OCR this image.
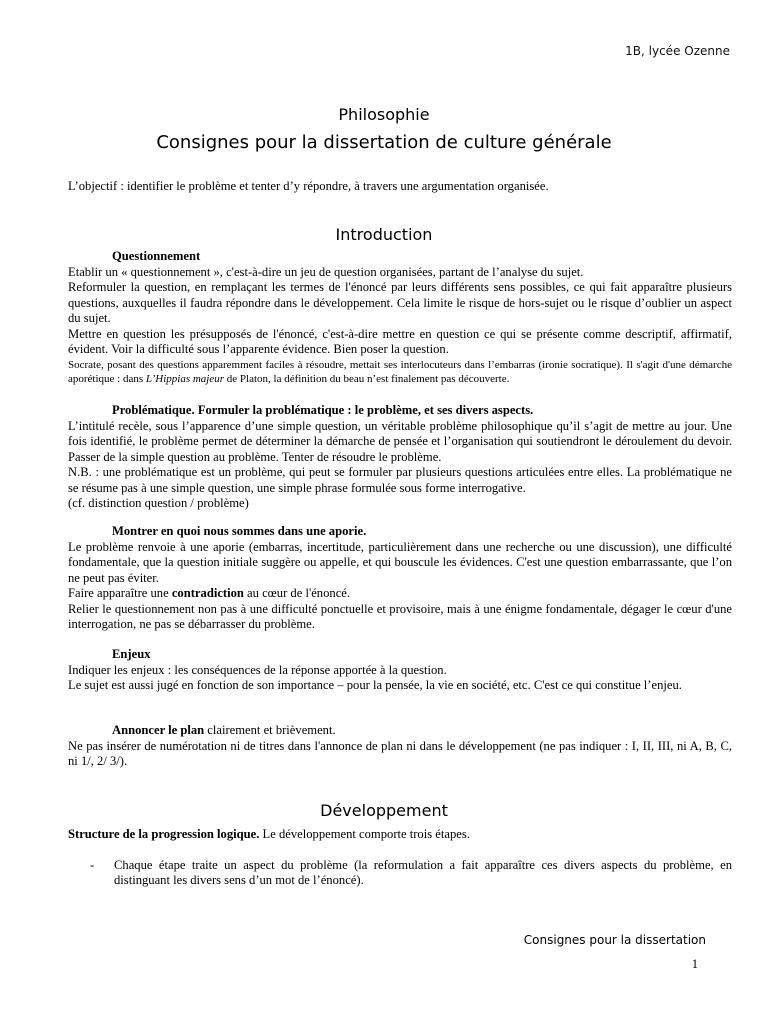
1B, lycée Ozenne
Philosophie
Consignes pour la dissertation de culture générale
L’objectif : identifier le problème et tenter d’y répondre, à travers une argumentation organisée.
Introduction

Questionnement

Etablir un « questionnement », c'est-à-dire un jeu de question organisées, partant de l’analyse du sujet.

Reformuler la question, en remplaçant les termes de l'énoncé par leurs différents sens possibles, ce qui fait apparaître plusieurs questions, auxquelles il faudra répondre dans le développement. Cela limite le risque de hors-sujet ou le risque d’oublier un aspect du sujet.

Mettre en question les présupposés de l'énoncé, c'est-à-dire mettre en question ce qui se présente comme descriptif, affirmatif, évident. Voir la difficulté sous l’apparente évidence. Bien poser la question.

Socrate, posant des questions apparemment faciles à résoudre, mettait ses interlocuteurs dans l’embarras (ironie socratique). Il s'agit d'une démarche aporétique : dans L’Hippias majeur de Platon, la définition du beau n’est finalement pas découverte.

Problématique. Formuler la problématique : le problème, et ses divers aspects.

L’intitulé recèle, sous l’apparence d’une simple question, un véritable problème philosophique qu’il s’agit de mettre au jour. Une fois identifié, le problème permet de déterminer la démarche de pensée et l’organisation qui soutiendront le déroulement du devoir. Passer de la simple question au problème. Tenter de résoudre le problème.

N.B. : une problématique est un problème, qui peut se formuler par plusieurs questions articulées entre elles. La problématique ne se résume pas à une simple question, une simple phrase formulée sous forme interrogative.

(cf. distinction question / problème)

Montrer en quoi nous sommes dans une aporie.

Le problème renvoie à une aporie (embarras, incertitude, particulièrement dans une recherche ou une discussion), une difficulté fondamentale, que la question initiale suggère ou appelle, et qui bouscule les évidences. C'est une question embarrassante, que l’on ne peut pas éviter.

Faire apparaître une contradiction au cœur de l'énoncé.

Relier le questionnement non pas à une difficulté ponctuelle et provisoire, mais à une énigme fondamentale, dégager le cœur d'une interrogation, ne pas se débarrasser du problème.

Enjeux

Indiquer les enjeux : les conséquences de la réponse apportée à la question.

Le sujet est aussi jugé en fonction de son importance – pour la pensée, la vie en société, etc. C'est ce qui constitue l’enjeu.

Annoncer le plan clairement et brièvement.

Ne pas insérer de numérotation ni de titres dans l'annonce de plan ni dans le développement (ne pas indiquer : I, II, III, ni A, B, C, ni 1/, 2/ 3/).

Développement

Structure de la progression logique. Le développement comporte trois étapes.

-	Chaque étape traite un aspect du problème (la reformulation a fait apparaître ces divers aspects du problème, en distinguant les divers sens d’un mot de l’énoncé).
Consignes pour la dissertation
1
